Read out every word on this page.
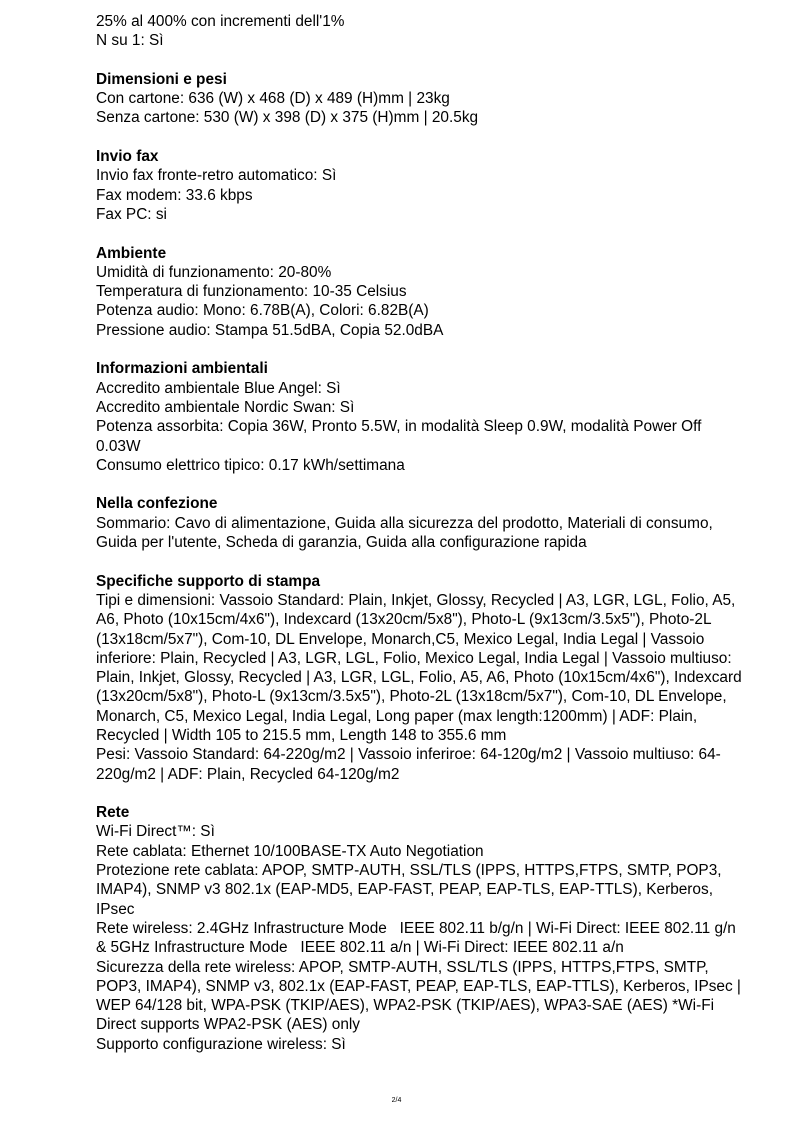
25% al 400% con incrementi dell'1%

N su 1: Sì

Dimensioni e pesi

Con cartone: 636 (W) x 468 (D) x 489 (H)mm | 23kg

Senza cartone: 530 (W) x 398 (D) x 375 (H)mm | 20.5kg

Invio fax

Invio fax fronte-retro automatico: Sì

Fax modem: 33.6 kbps

Fax PC: si

Ambiente

Umidità di funzionamento: 20-80%

Temperatura di funzionamento: 10-35 Celsius

Potenza audio: Mono: 6.78B(A), Colori: 6.82B(A)

Pressione audio: Stampa 51.5dBA, Copia 52.0dBA

Informazioni ambientali

Accredito ambientale Blue Angel: Sì

Accredito ambientale Nordic Swan: Sì

Potenza assorbita: Copia 36W, Pronto 5.5W, in modalità Sleep 0.9W, modalità Power Off 0.03W

Consumo elettrico tipico: 0.17 kWh/settimana

Nella confezione

Sommario: Cavo di alimentazione, Guida alla sicurezza del prodotto, Materiali di consumo, Guida per l'utente, Scheda di garanzia, Guida alla configurazione rapida

Specifiche supporto di stampa

Tipi e dimensioni: Vassoio Standard: Plain, Inkjet, Glossy, Recycled | A3, LGR, LGL, Folio, A5, A6, Photo (10x15cm/4x6"), Indexcard (13x20cm/5x8"), Photo-L (9x13cm/3.5x5"), Photo-2L (13x18cm/5x7"), Com-10, DL Envelope, Monarch,C5, Mexico Legal, India Legal | Vassoio inferiore: Plain, Recycled | A3, LGR, LGL, Folio, Mexico Legal, India Legal | Vassoio multiuso: Plain, Inkjet, Glossy, Recycled | A3, LGR, LGL, Folio, A5, A6, Photo (10x15cm/4x6"), Indexcard (13x20cm/5x8"), Photo-L (9x13cm/3.5x5"), Photo-2L (13x18cm/5x7"), Com-10, DL Envelope, Monarch, C5, Mexico Legal, India Legal, Long paper (max length:1200mm) | ADF: Plain, Recycled | Width 105 to 215.5 mm, Length 148 to 355.6 mm

Pesi: Vassoio Standard: 64-220g/m2 | Vassoio inferiroe: 64-120g/m2 | Vassoio multiuso: 64-220g/m2 | ADF: Plain, Recycled 64-120g/m2

Rete

Wi-Fi Direct™: Sì

Rete cablata: Ethernet 10/100BASE-TX Auto Negotiation

Protezione rete cablata: APOP, SMTP-AUTH, SSL/TLS (IPPS, HTTPS,FTPS, SMTP, POP3, IMAP4), SNMP v3 802.1x (EAP-MD5, EAP-FAST, PEAP, EAP-TLS, EAP-TTLS), Kerberos, IPsec

Rete wireless: 2.4GHz Infrastructure Mode   IEEE 802.11 b/g/n | Wi-Fi Direct: IEEE 802.11 g/n & 5GHz Infrastructure Mode   IEEE 802.11 a/n | Wi-Fi Direct: IEEE 802.11 a/n

Sicurezza della rete wireless: APOP, SMTP-AUTH, SSL/TLS (IPPS, HTTPS,FTPS, SMTP, POP3, IMAP4), SNMP v3, 802.1x (EAP-FAST, PEAP, EAP-TLS, EAP-TTLS), Kerberos, IPsec | WEP 64/128 bit, WPA-PSK (TKIP/AES), WPA2-PSK (TKIP/AES), WPA3-SAE (AES) *Wi-Fi Direct supports WPA2-PSK (AES) only

Supporto configurazione wireless: Sì

2/4
